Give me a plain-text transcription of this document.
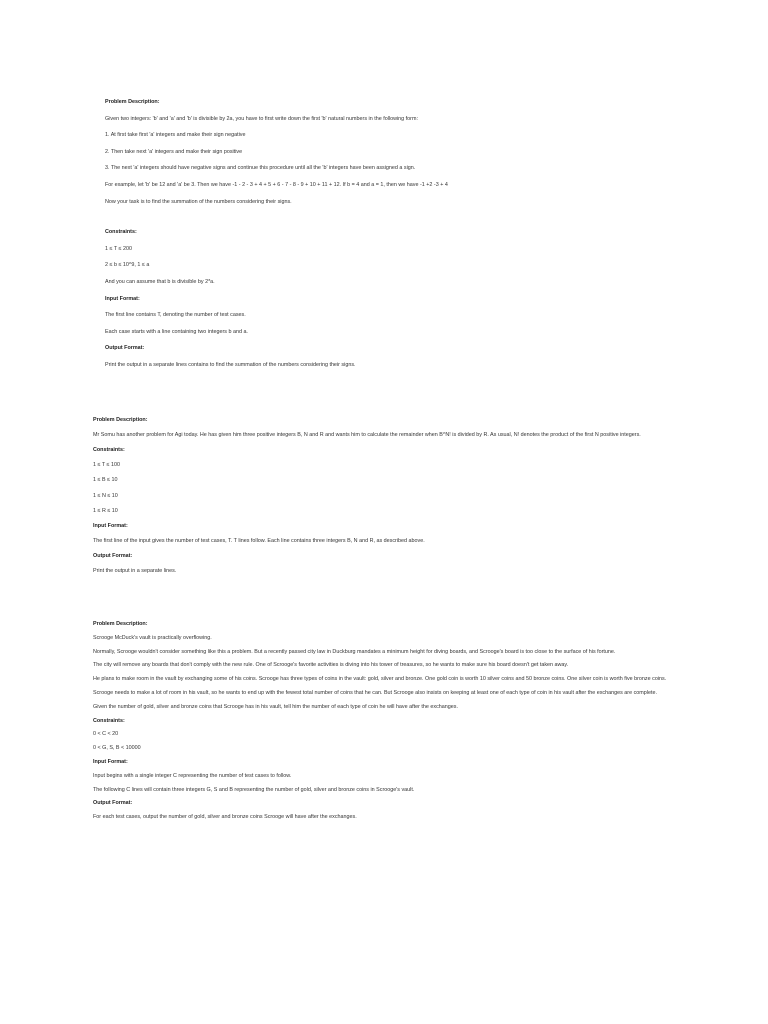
Problem Description:

Given two integers: 'b' and 'a' and 'b' is divisible by 2a, you have to first write down the first 'b' natural numbers in the following form:

1. At first take first 'a' integers and make their sign negative

2. Then take next 'a' integers and make their sign positive

3. The next 'a' integers should have negative signs and continue this procedure until all the 'b' integers have been assigned a sign.

For example, let 'b' be 12 and 'a' be 3. Then we have -1 - 2 - 3 + 4 + 5 + 6 - 7 - 8 - 9 + 10 + 11 + 12. If b = 4 and a = 1, then we have -1 +2 -3 + 4

Now your task is to find the summation of the numbers considering their signs.

Constraints:

1 ≤ T ≤ 200

2 ≤ b ≤ 10^9, 1 ≤ a

And you can assume that b is divisible by 2*a.

Input Format:

The first line contains T, denoting the number of test cases.

Each case starts with a line containing two integers b and a.

Output Format:

Print the output in a separate lines contains to find the summation of the numbers considering their signs.

Problem Description:

Mr Somu has another problem for Agi today. He has given him three positive integers B, N and R and wants him to calculate the remainder when B^N! is divided by R. As usual, N! denotes the product of the first N positive integers.

Constraints:

1 ≤ T ≤ 100

1 ≤ B ≤ 10

1 ≤ N ≤ 10

1 ≤ R ≤ 10

Input Format:

The first line of the input gives the number of test cases, T. T lines follow. Each line contains three integers B, N and R, as described above.

Output Format:

Print the output in a separate lines.

Problem Description:

Scrooge McDuck's vault is practically overflowing.

Normally, Scrooge wouldn't consider something like this a problem. But a recently passed city law in Duckburg mandates a minimum height for diving boards, and Scrooge's board is too close to the surface of his fortune.

The city will remove any boards that don't comply with the new rule. One of Scrooge's favorite activities is diving into his tower of treasures, so he wants to make sure his board doesn't get taken away.

He plans to make room in the vault by exchanging some of his coins. Scrooge has three types of coins in the vault: gold, silver and bronze. One gold coin is worth 10 silver coins and 50 bronze coins. One silver coin is worth five bronze coins.

Scrooge needs to make a lot of room in his vault, so he wants to end up with the fewest total number of coins that he can. But Scrooge also insists on keeping at least one of each type of coin in his vault after the exchanges are complete.

Given the number of gold, silver and bronze coins that Scrooge has in his vault, tell him the number of each type of coin he will have after the exchanges.

Constraints:

0 < C < 20

0 < G, S, B < 10000

Input Format:

Input begins with a single integer C representing the number of test cases to follow.

The following C lines will contain three integers G, S and B representing the number of gold, silver and bronze coins in Scrooge's vault.

Output Format:

For each test cases, output the number of gold, silver and bronze coins Scrooge will have after the exchanges.
